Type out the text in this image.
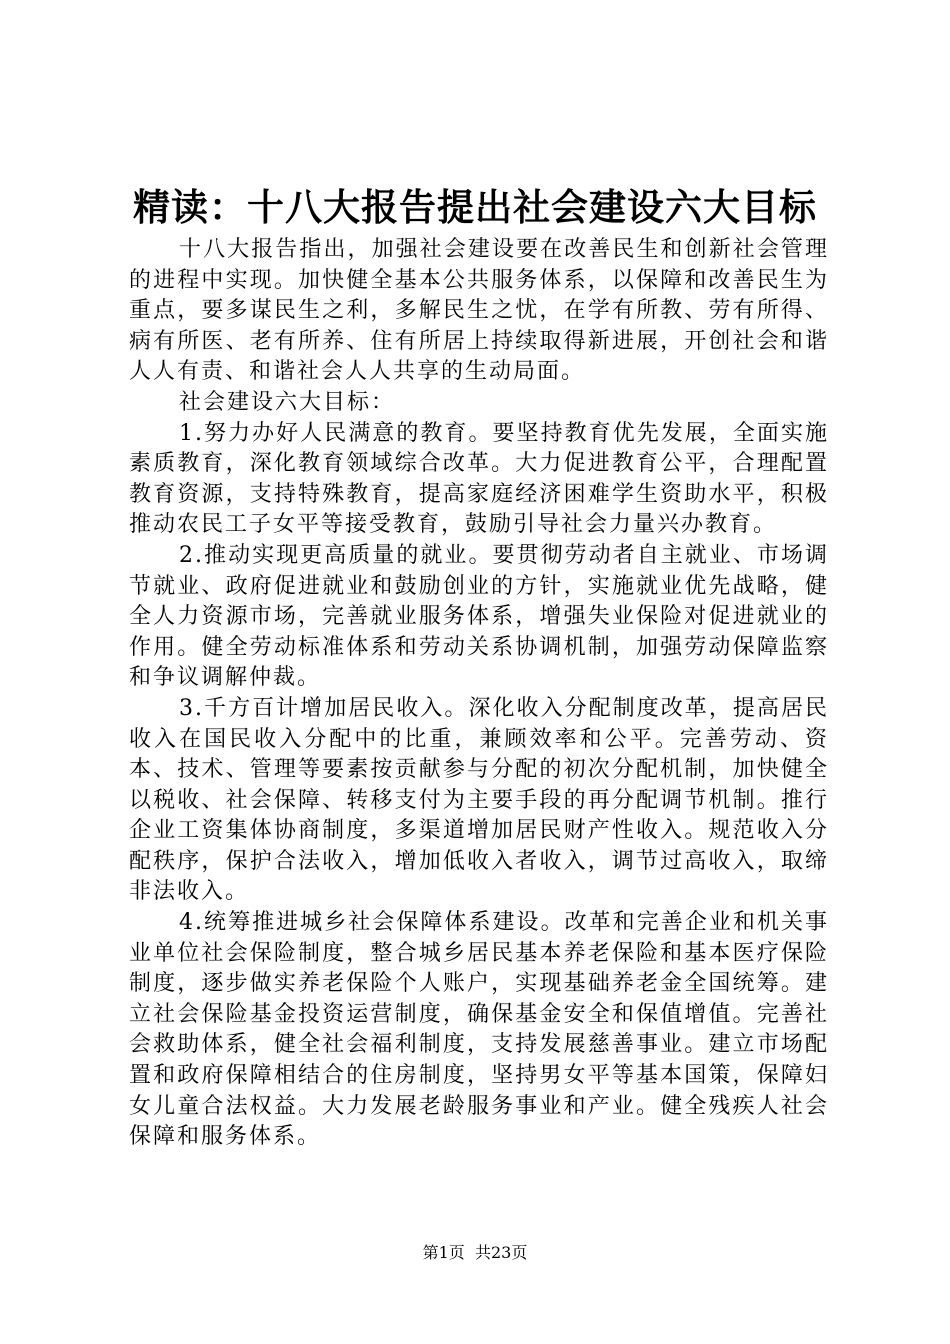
精读：十八大报告提出社会建设六大目标

十八大报告指出，加强社会建设要在改善民生和创新社会管理的进程中实现。加快健全基本公共服务体系，以保障和改善民生为重点，要多谋民生之利，多解民生之忧，在学有所教、劳有所得、病有所医、老有所养、住有所居上持续取得新进展，开创社会和谐人人有责、和谐社会人人共享的生动局面。

社会建设六大目标：

1.努力办好人民满意的教育。要坚持教育优先发展，全面实施素质教育，深化教育领域综合改革。大力促进教育公平，合理配置教育资源，支持特殊教育，提高家庭经济困难学生资助水平，积极推动农民工子女平等接受教育，鼓励引导社会力量兴办教育。

2.推动实现更高质量的就业。要贯彻劳动者自主就业、市场调节就业、政府促进就业和鼓励创业的方针，实施就业优先战略，健全人力资源市场，完善就业服务体系，增强失业保险对促进就业的作用。健全劳动标准体系和劳动关系协调机制，加强劳动保障监察和争议调解仲裁。

3.千方百计增加居民收入。深化收入分配制度改革，提高居民收入在国民收入分配中的比重，兼顾效率和公平。完善劳动、资本、技术、管理等要素按贡献参与分配的初次分配机制，加快健全以税收、社会保障、转移支付为主要手段的再分配调节机制。推行企业工资集体协商制度，多渠道增加居民财产性收入。规范收入分配秩序，保护合法收入，增加低收入者收入，调节过高收入，取缔非法收入。

4.统筹推进城乡社会保障体系建设。改革和完善企业和机关事业单位社会保险制度，整合城乡居民基本养老保险和基本医疗保险制度，逐步做实养老保险个人账户，实现基础养老金全国统筹。建立社会保险基金投资运营制度，确保基金安全和保值增值。完善社会救助体系，健全社会福利制度，支持发展慈善事业。建立市场配置和政府保障相结合的住房制度，坚持男女平等基本国策，保障妇女儿童合法权益。大力发展老龄服务事业和产业。健全残疾人社会保障和服务体系。

第1页 共23页
